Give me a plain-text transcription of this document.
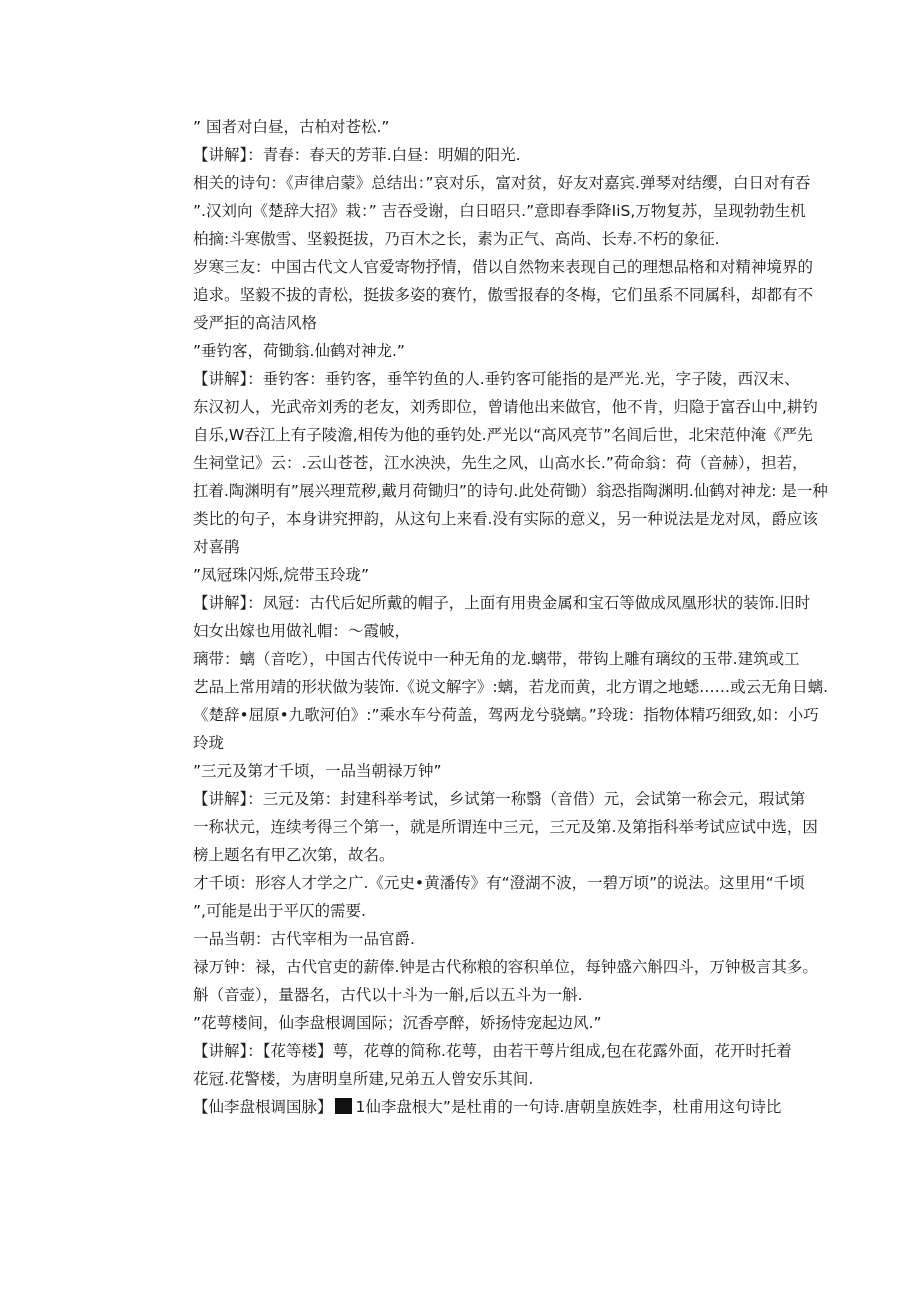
” 国者对白昼，古柏对苍松.”
【讲解】：青春：春天的芳菲.白昼：明媚的阳光.
相关的诗句：《声律启蒙》总结出：”哀对乐，富对贫，好友对嘉宾.弹琴对结缨，白日对有吞
”.汉刘向《楚辞大招》栽：” 吉吞受谢，白日昭只.”意即春季降IiS,万物复苏，呈现勃勃生机
柏摘:斗寒傲雪、坚毅挺拔，乃百木之长，素为正气、高尚、长寿.不朽的象征.
岁寒三友：中国古代文人官爱寄物抒情，借以自然物来表现自己的理想品格和对精神境界的
追求。坚毅不拔的青松，挺拔多姿的赛竹，傲雪报春的冬梅，它们虽系不同属科，却都有不
受严拒的高洁风格
”垂钓客，荷锄翁.仙鹤对神龙.”
【讲解】：垂钓客：垂钓客，垂竿钓鱼的人.垂钓客可能指的是严光.光，字子陵，西汉末、
东汉初人，光武帝刘秀的老友，刘秀即位，曾请他出来做官，他不肯，归隐于富吞山中,耕钓
自乐,W吞江上有子陵澹,相传为他的垂钓处.严光以“高风亮节”名闾后世，北宋范仲淹《严先
生祠堂记》云：.云山苍苍，江水泱泱，先生之风，山高水长.”荷命翁：荷（音赫），担若，
扛着.陶渊明有”展兴理荒秽,戴月荷锄归”的诗句.此处荷锄）翁恐指陶渊明.仙鹤对神龙: 是一种
类比的句子，本身讲究押韵，从这句上来看.没有实际的意义，另一种说法是龙对凤，爵应该
对喜鹃
”凤冠珠闪烁,烷带玉玲珑”
【讲解】：凤冠：古代后妃所戴的帽子，上面有用贵金属和宝石等做成凤凰形状的装饰.旧时
妇女出嫁也用做礼帽：〜霞帔，
璃带：螭（音吃），中国古代传说中一种无角的龙.螭带，带钩上雕有璃纹的玉带.建筑或工
艺品上常用靖的形状做为装饰.《说文解字》:螭，若龙而黄，北方谓之地蟋……或云无角日螭.
《楚辞•屈原•九歌河伯》:”乘水车兮荷盖，驾两龙兮骁螭。”玲珑：指物体精巧细致,如：小巧
玲珑
”三元及第才千顷，一品当朝禄万钟”
【讲解】：三元及第：封建科举考试，乡试第一称翳（音借）元，会试第一称会元，瑕试第
一称状元，连续考得三个第一，就是所谓连中三元，三元及第.及第指科举考试应试中选，因
榜上题名有甲乙次第，故名。
才千顷：形容人才学之广.《元史•黄潘传》有“澄湖不波，一碧万顷”的说法。这里用“千顷
”,可能是出于平仄的需要.
一品当朝：古代宰相为一品官爵.
禄万钟：禄，古代官吏的薪俸.钟是古代称粮的容积单位，每钟盛六斛四斗，万钟极言其多。
斛（音壶），量器名，古代以十斗为一斛,后以五斗为一斛.
”花萼楼间，仙李盘根调国际；沉香亭醉，娇扬恃宠起边风.”
【讲解】：【花等楼】萼，花尊的简称.花萼，由若干萼片组成,包在花露外面，花开时托着
花冠.花警楼，为唐明皇所建,兄弟五人曾安乐其间.
【仙李盘根调国脉】 1仙李盘根大”是杜甫的一句诗.唐朝皇族姓李，杜甫用这句诗比
